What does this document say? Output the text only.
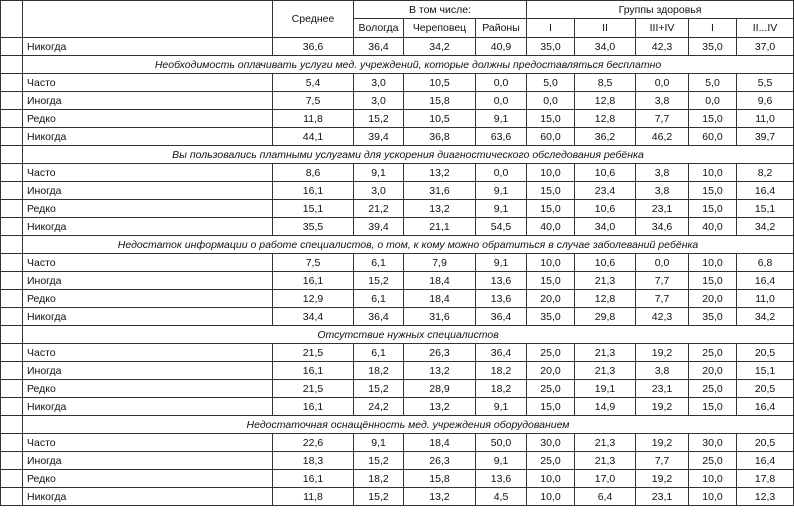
		Среднее	В том числе:			Группы здоровья				
			Вологда	Череповец	Районы	I	II	III+IV	I	II...IV
	Никогда	36,6	36,4	34,2	40,9	35,0	34,0	42,3	35,0	37,0
	Необходимость оплачивать услуги мед. учреждений, которые должны предоставляться бесплатно									
	Часто	5,4	3,0	10,5	0,0	5,0	8,5	0,0	5,0	5,5
	Иногда	7,5	3,0	15,8	0,0	0,0	12,8	3,8	0,0	9,6
	Редко	11,8	15,2	10,5	9,1	15,0	12,8	7,7	15,0	11,0
	Никогда	44,1	39,4	36,8	63,6	60,0	36,2	46,2	60,0	39,7
	Вы пользовались платными услугами для ускорения диагностического обследования ребёнка									
	Часто	8,6	9,1	13,2	0,0	10,0	10,6	3,8	10,0	8,2
	Иногда	16,1	3,0	31,6	9,1	15,0	23,4	3,8	15,0	16,4
	Редко	15,1	21,2	13,2	9,1	15,0	10,6	23,1	15,0	15,1
	Никогда	35,5	39,4	21,1	54,5	40,0	34,0	34,6	40,0	34,2
	Недостаток информации о работе специалистов, о том, к кому можно обратиться в случае заболеваний ребёнка									
	Часто	7,5	6,1	7,9	9,1	10,0	10,6	0,0	10,0	6,8
	Иногда	16,1	15,2	18,4	13,6	15,0	21,3	7,7	15,0	16,4
	Редко	12,9	6,1	18,4	13,6	20,0	12,8	7,7	20,0	11,0
	Никогда	34,4	36,4	31,6	36,4	35,0	29,8	42,3	35,0	34,2
	Отсутствие нужных специалистов									
	Часто	21,5	6,1	26,3	36,4	25,0	21,3	19,2	25,0	20,5
	Иногда	16,1	18,2	13,2	18,2	20,0	21,3	3,8	20,0	15,1
	Редко	21,5	15,2	28,9	18,2	25,0	19,1	23,1	25,0	20,5
	Никогда	16,1	24,2	13,2	9,1	15,0	14,9	19,2	15,0	16,4
	Недостаточная оснащённость мед. учреждения оборудованием									
	Часто	22,6	9,1	18,4	50,0	30,0	21,3	19,2	30,0	20,5
	Иногда	18,3	15,2	26,3	9,1	25,0	21,3	7,7	25,0	16,4
	Редко	16,1	18,2	15,8	13,6	10,0	17,0	19,2	10,0	17,8
	Никогда	11,8	15,2	13,2	4,5	10,0	6,4	23,1	10,0	12,3
